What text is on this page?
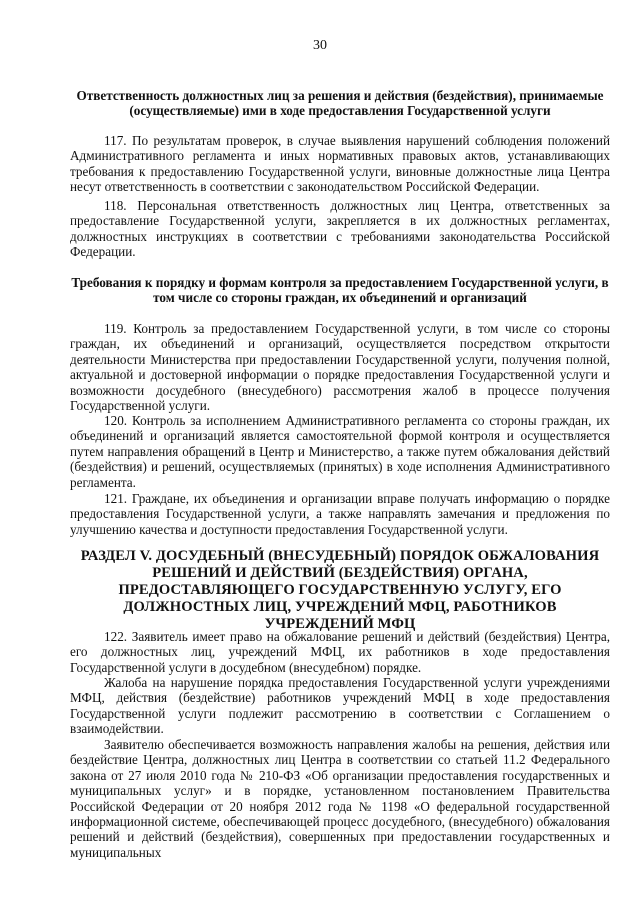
30

Ответственность должностных лиц за решения и действия (бездействия), принимаемые (осуществляемые) ими в ходе предоставления Государственной услуги

117. По результатам проверок, в случае выявления нарушений соблюдения положений Административного регламента и иных нормативных правовых актов, устанавливающих требования к предоставлению Государственной услуги, виновные должностные лица Центра несут ответственность в соответствии с законодательством Российской Федерации.

118. Персональная ответственность должностных лиц Центра, ответственных за предоставление Государственной услуги, закрепляется в их должностных регламентах, должностных инструкциях в соответствии с требованиями законодательства Российской Федерации.

Требования к порядку и формам контроля за предоставлением Государственной услуги, в том числе со стороны граждан, их объединений и организаций

119. Контроль за предоставлением Государственной услуги, в том числе со стороны граждан, их объединений и организаций, осуществляется посредством открытости деятельности Министерства при предоставлении Государственной услуги, получения полной, актуальной и достоверной информации о порядке предоставления Государственной услуги и возможности досудебного (внесудебного) рассмотрения жалоб в процессе получения Государственной услуги.

120. Контроль за исполнением Административного регламента со стороны граждан, их объединений и организаций является самостоятельной формой контроля и осуществляется путем направления обращений в Центр и Министерство, а также путем обжалования действий (бездействия) и решений, осуществляемых (принятых) в ходе исполнения Административного регламента.

121. Граждане, их объединения и организации вправе получать информацию о порядке предоставления Государственной услуги, а также направлять замечания и предложения по улучшению качества и доступности предоставления Государственной услуги.

РАЗДЕЛ V. ДОСУДЕБНЫЙ (ВНЕСУДЕБНЫЙ) ПОРЯДОК ОБЖАЛОВАНИЯ РЕШЕНИЙ И ДЕЙСТВИЙ (БЕЗДЕЙСТВИЯ) ОРГАНА, ПРЕДОСТАВЛЯЮЩЕГО ГОСУДАРСТВЕННУЮ УСЛУГУ, ЕГО ДОЛЖНОСТНЫХ ЛИЦ, УЧРЕЖДЕНИЙ МФЦ, РАБОТНИКОВ УЧРЕЖДЕНИЙ МФЦ

122. Заявитель имеет право на обжалование решений и действий (бездействия) Центра, его должностных лиц, учреждений МФЦ, их работников в ходе предоставления Государственной услуги в досудебном (внесудебном) порядке.

Жалоба на нарушение порядка предоставления Государственной услуги учреждениями МФЦ, действия (бездействие) работников учреждений МФЦ в ходе предоставления Государственной услуги подлежит рассмотрению в соответствии с Соглашением о взаимодействии.

Заявителю обеспечивается возможность направления жалобы на решения, действия или бездействие Центра, должностных лиц Центра в соответствии со статьей 11.2 Федерального закона от 27 июля 2010 года № 210-ФЗ «Об организации предоставления государственных и муниципальных услуг» и в порядке, установленном постановлением Правительства Российской Федерации от 20 ноября 2012 года № 1198 «О федеральной государственной информационной системе, обеспечивающей процесс досудебного, (внесудебного) обжалования решений и действий (бездействия), совершенных при предоставлении государственных и муниципальных
